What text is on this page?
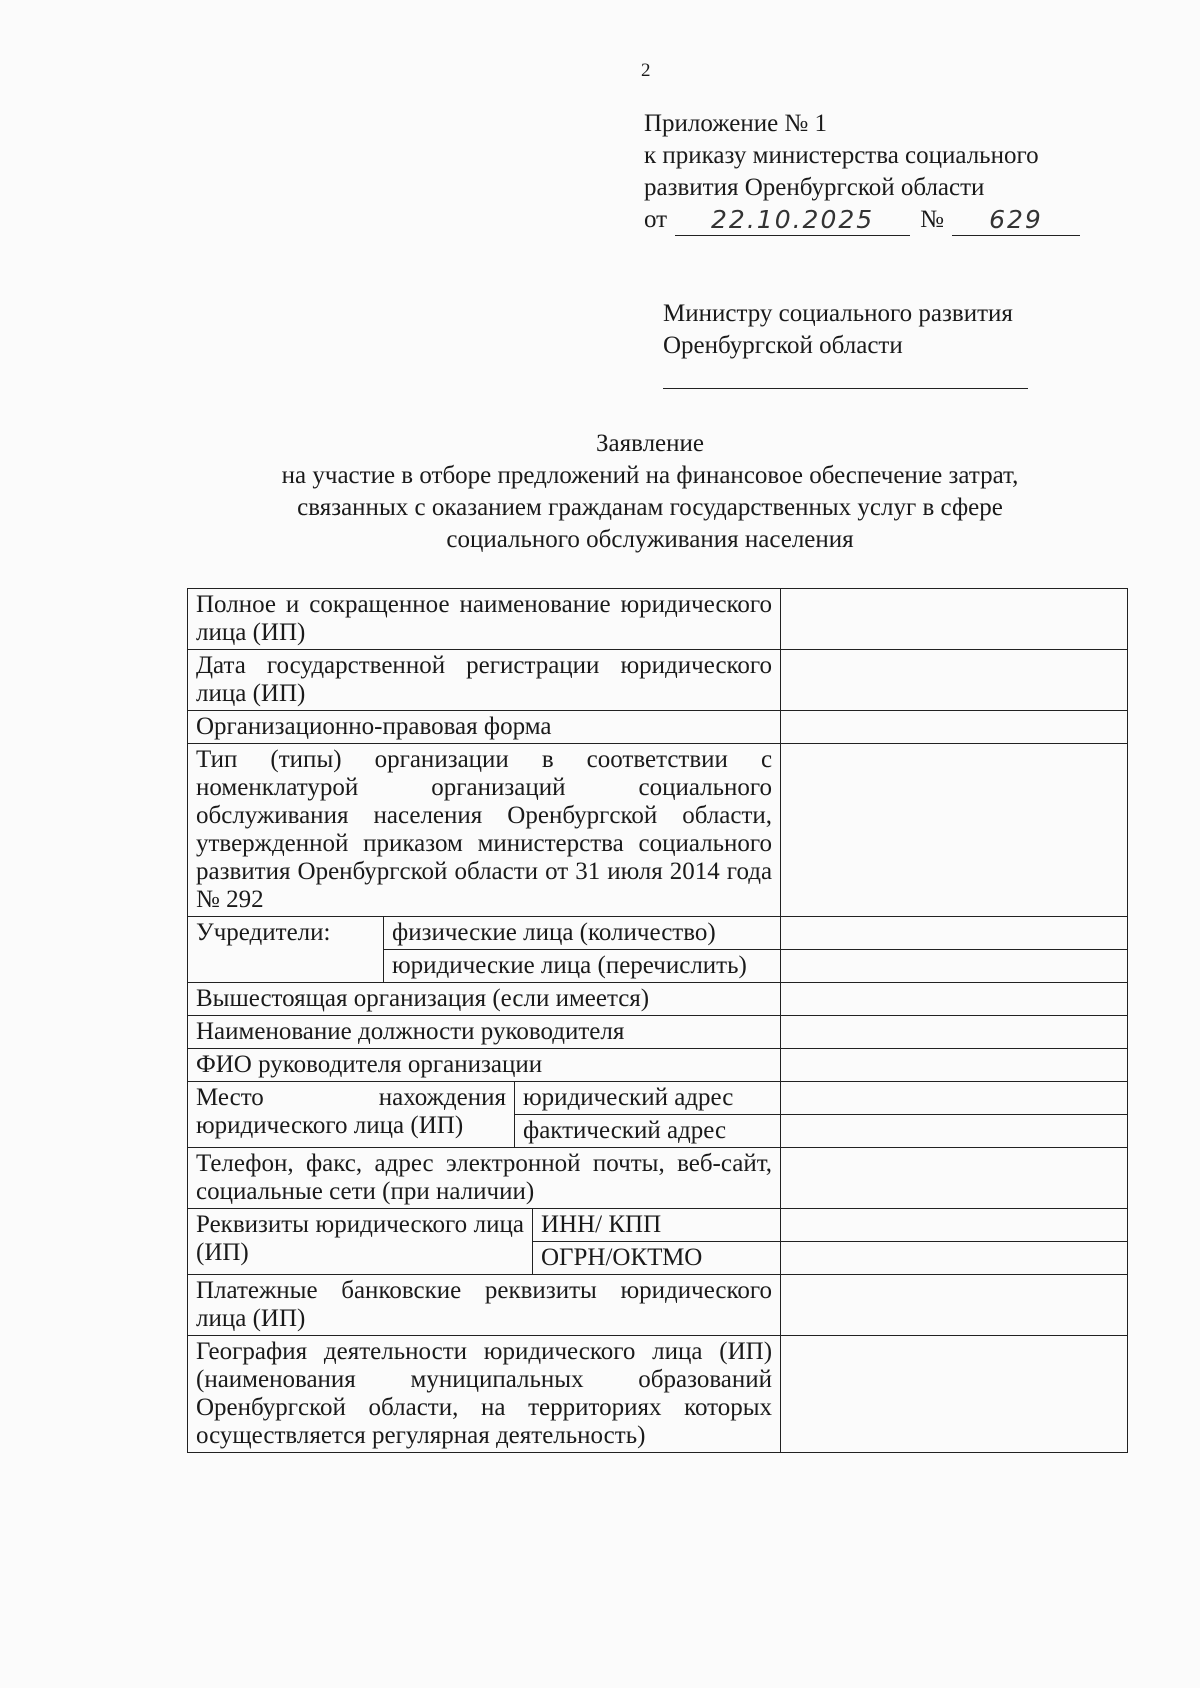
2
Приложение № 1
к приказу министерства социального
развития Оренбургской области
от	22.10.2025	№	629
Министру социального развития
Оренбургской области
Заявление
на участие в отборе предложений на финансовое обеспечение затрат,
связанных с оказанием гражданам государственных услуг в сфере
социального обслуживания населения
Полное и сокращенное наименование юридического лица (ИП)				
Дата государственной регистрации юридического лица (ИП)				
Организационно-правовая форма				
Тип (типы) организации в соответствии с номенклатурой организаций социального обслуживания населения Оренбургской области, утвержденной приказом министерства социального развития Оренбургской области от 31 июля 2014 года № 292				
Учредители:	физические лица (количество)			
	юридические лица (перечислить)			
Вышестоящая организация (если имеется)				
Наименование должности руководителя				
ФИО руководителя организации				
Место нахождения юридического лица (ИП)		юридический адрес		
		фактический адрес		
Телефон, факс, адрес электронной почты, веб-сайт, социальные сети (при наличии)				
Реквизиты юридического лица (ИП)			ИНН/ КПП	
			ОГРН/ОКТМО	
Платежные банковские реквизиты юридического лица (ИП)				
География деятельности юридического лица (ИП) (наименования муниципальных образований Оренбургской области, на территориях которых осуществляется регулярная деятельность)				
